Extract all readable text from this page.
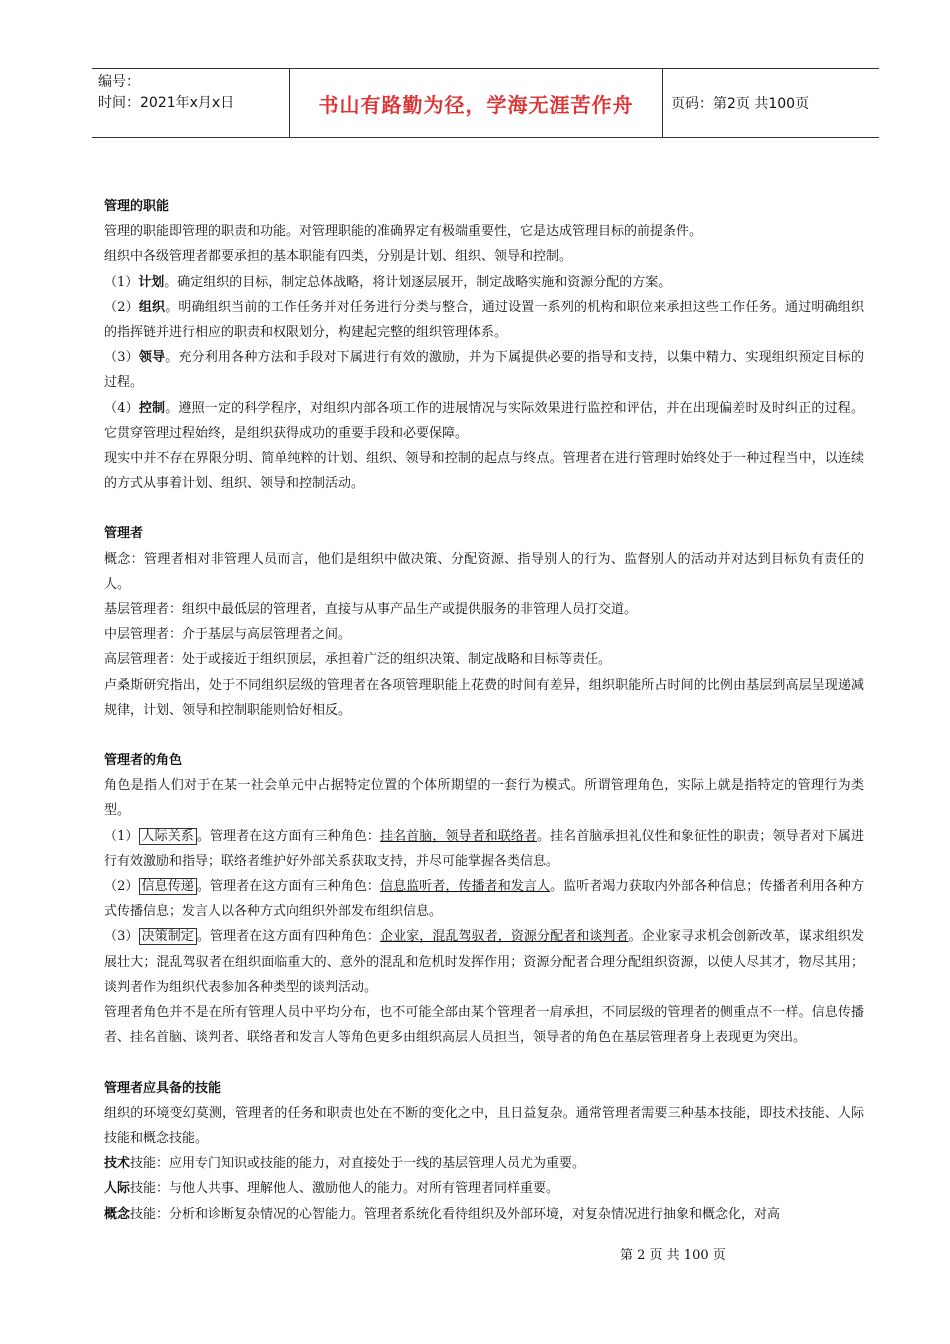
编号：
时间：2021年x月x日	书山有路勤为径，学海无涯苦作舟	页码：第2页 共100页

管理的职能

管理的职能即管理的职责和功能。对管理职能的准确界定有极端重要性，它是达成管理目标的前提条件。

组织中各级管理者都要承担的基本职能有四类，分别是计划、组织、领导和控制。

（1）计划。确定组织的目标，制定总体战略，将计划逐层展开，制定战略实施和资源分配的方案。

（2）组织。明确组织当前的工作任务并对任务进行分类与整合，通过设置一系列的机构和职位来承担这些工作任务。通过明确组织的指挥链并进行相应的职责和权限划分，构建起完整的组织管理体系。

（3）领导。充分利用各种方法和手段对下属进行有效的激励，并为下属提供必要的指导和支持，以集中精力、实现组织预定目标的过程。

（4）控制。遵照一定的科学程序，对组织内部各项工作的进展情况与实际效果进行监控和评估，并在出现偏差时及时纠正的过程。它贯穿管理过程始终，是组织获得成功的重要手段和必要保障。

现实中并不存在界限分明、简单纯粹的计划、组织、领导和控制的起点与终点。管理者在进行管理时始终处于一种过程当中，以连续的方式从事着计划、组织、领导和控制活动。

管理者

概念：管理者相对非管理人员而言，他们是组织中做决策、分配资源、指导别人的行为、监督别人的活动并对达到目标负有责任的人。

基层管理者：组织中最低层的管理者，直接与从事产品生产或提供服务的非管理人员打交道。

中层管理者：介于基层与高层管理者之间。

高层管理者：处于或接近于组织顶层，承担着广泛的组织决策、制定战略和目标等责任。

卢桑斯研究指出，处于不同组织层级的管理者在各项管理职能上花费的时间有差异，组织职能所占时间的比例由基层到高层呈现递减规律，计划、领导和控制职能则恰好相反。

管理者的角色

角色是指人们对于在某一社会单元中占据特定位置的个体所期望的一套行为模式。所谓管理角色，实际上就是指特定的管理行为类型。

（1） 人际关系 。管理者在这方面有三种角色：挂名首脑，领导者和联络者。挂名首脑承担礼仪性和象征性的职责；领导者对下属进行有效激励和指导；联络者维护好外部关系获取支持，并尽可能掌握各类信息。

（2） 信息传递 。管理者在这方面有三种角色：信息监听者，传播者和发言人。监听者竭力获取内外部各种信息；传播者利用各种方式传播信息；发言人以各种方式向组织外部发布组织信息。

（3） 决策制定 。管理者在这方面有四种角色：企业家，混乱驾驭者，资源分配者和谈判者。企业家寻求机会创新改革，谋求组织发展壮大；混乱驾驭者在组织面临重大的、意外的混乱和危机时发挥作用；资源分配者合理分配组织资源，以使人尽其才，物尽其用；谈判者作为组织代表参加各种类型的谈判活动。

管理者角色并不是在所有管理人员中平均分布，也不可能全部由某个管理者一肩承担，不同层级的管理者的侧重点不一样。信息传播者、挂名首脑、谈判者、联络者和发言人等角色更多由组织高层人员担当，领导者的角色在基层管理者身上表现更为突出。

管理者应具备的技能

组织的环境变幻莫测，管理者的任务和职责也处在不断的变化之中，且日益复杂。通常管理者需要三种基本技能，即技术技能、人际技能和概念技能。

技术技能：应用专门知识或技能的能力，对直接处于一线的基层管理人员尤为重要。

人际技能：与他人共事、理解他人、激励他人的能力。对所有管理者同样重要。

概念技能：分析和诊断复杂情况的心智能力。管理者系统化看待组织及外部环境，对复杂情况进行抽象和概念化，对高

第 2 页 共 100 页
